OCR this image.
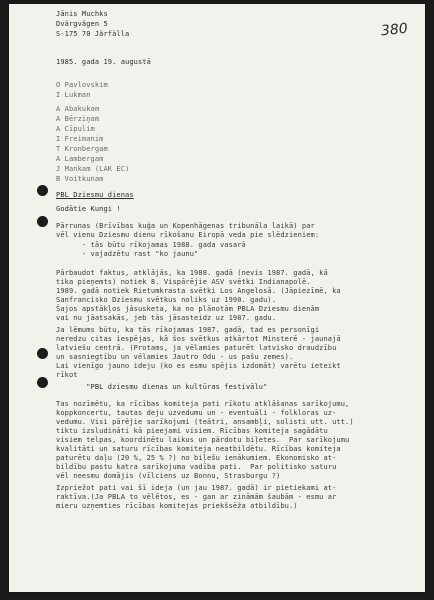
380
Jānis Muchks
Dvärgvägen 5
S-175 70 Järfälla
1985. gada 19. augustā
O Pavlovskim
I Lukman
A Abakukam
A Bērziņam
A Cīpulim
I Freimanim
T Kronbergam
A Lambergam
J Mankam (LAK EC)
B Voitkunam
PBL Dziesmu dienas
Godātie Kungi !
Pārrunas (Brīvības kuģa un Kopenhāgenas tribunāla laikā) par
vēl vienu Dziesmu dienu rīkošanu Eiropā veda pie slēdzieniem:
- tās būtu rīkojamas 1988. gada vasarā
- vajadzētu rast "ko jaunu"
Pārbaudot faktus, atklājās, ka 1988. gadā (nevis 1987. gadā, kā
tika pieņemts) notiek 8. Vispārējie ASV svētki Indianapolē.
1989. gadā notiek Rietumkrasta svētki Los Angelosā. (Jāpiezīmē, ka
Sanfrancisko Dziesmu svētkus noliks uz 1990. gadu).
Šajos apstākļos jāsusketa, ka no plānotām PBLA Dziesmu dienām
vai nu jāatsakās, jeb tās jāsasteidz uz 1987. gadu.
Ja lēmums būtu, ka tās rīkojamas 1987. gadā, tad es personīgi
neredzu citas iespējas, kā šos svētkus atkārtot Minsterē - jaunajā
latviešu centrā. (Protams, ja vēlamies paturēt latvisko draudzību
un sasniegtību un vēlamies Jautro Odu - us pašu zemes).
Lai vienīgo jauno ideju (ko es esmu spējis izdomāt) varētu ieteikt
rīkot
"PBL dziesmu dienas un kultūras festivālu"
Tas nozīmētu, ka rīcības komiteja pati rīkotu atklāšanas sarīkojumu,
koppkoncertu, tautas deju uzvedumu un - eventuāli - folkloras uz-
vedumu. Visi pārējie sarīkojumi (teātri, ansambļi, solisti utt. utt.)
tiktu izsludināti kā pieejami visiem. Rīcības komiteja sagādātu
visiem telpas, koordinētu laikus un pārdotu biļetes.  Par sarīkojumu
kvalitāti un saturu rīcības komiteja neatbildētu. Rīcības komiteja
paturētu daļu (20 %, 25 % ?) no biļešu ienākumiem. Ekonomisko at-
bildību pastu katra sarīkojuma vadība pati.  Par politisko saturu
vēl neesmu domājis (vīlciens uz Bonnu, Strasburgu ?)
Izpriežot pati vai šī ideja (un jau 1987. gadā) ir pietiekami at-
raktīva.(Ja PBLA to vēlētos, es - gan ar zināmām šaubām - esmu ar
mieru uzņemties rīcības komitejas priekšsēža atbildību.)
